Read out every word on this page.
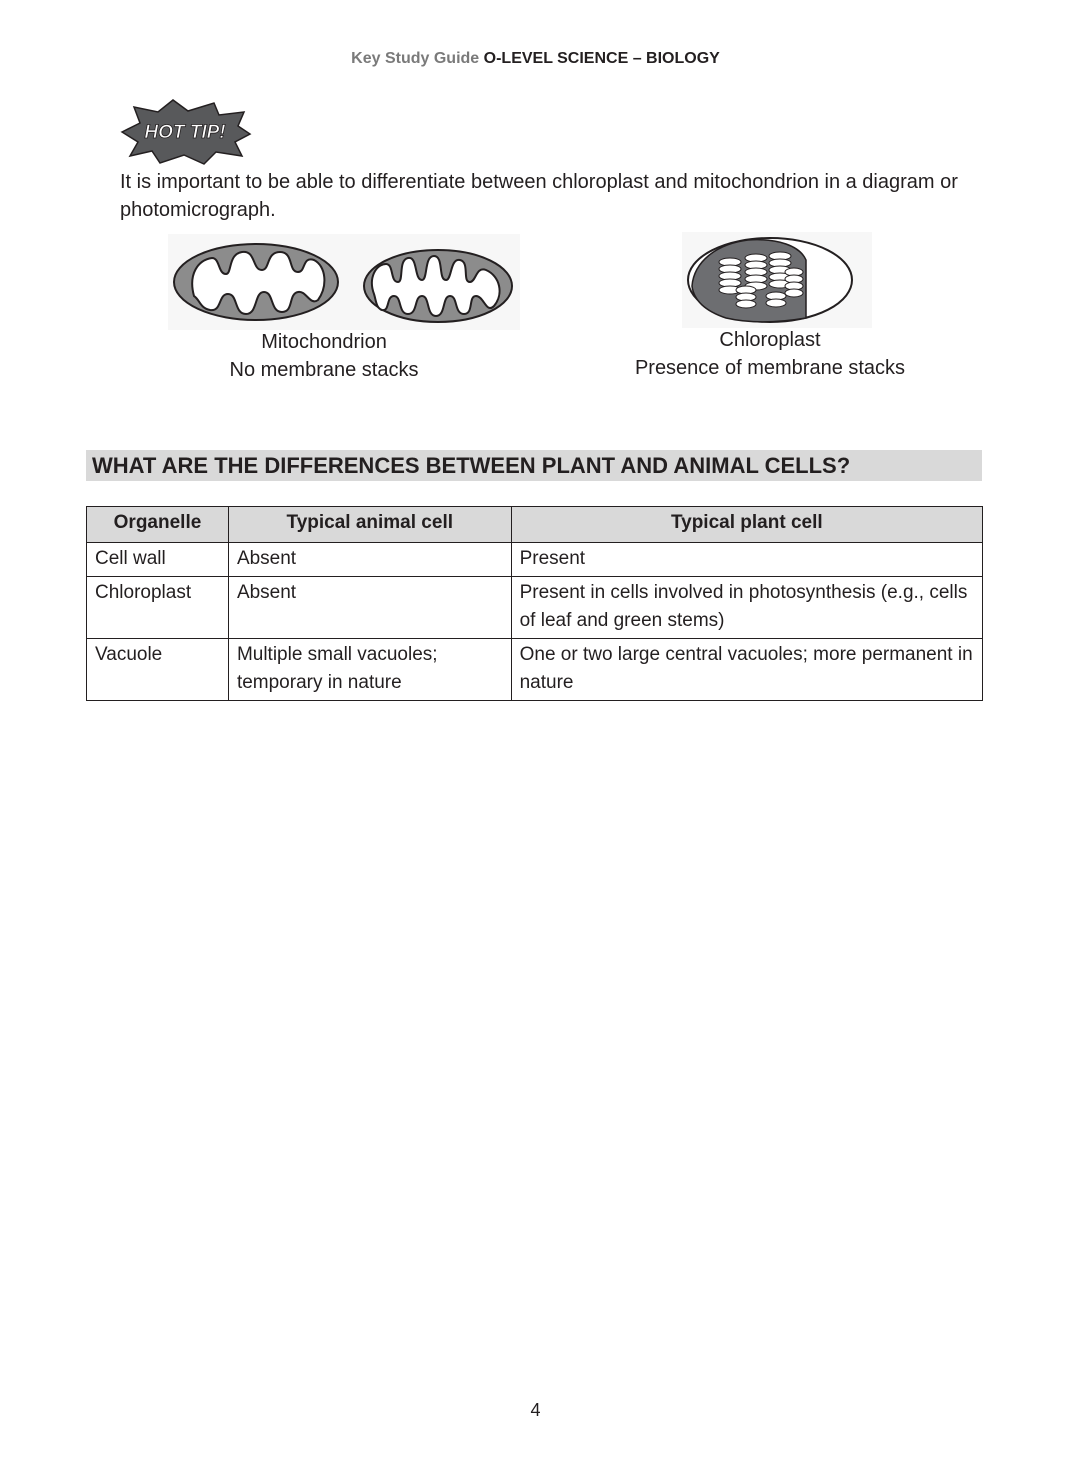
Key Study Guide O-LEVEL SCIENCE – BIOLOGY
HOT TIP!
It is important to be able to differentiate between chloroplast and mitochondrion in a diagram or photomicrograph.
Mitochondrion
No membrane stacks
Chloroplast
Presence of membrane stacks
WHAT ARE THE DIFFERENCES BETWEEN PLANT AND ANIMAL CELLS?
Organelle	Typical animal cell	Typical plant cell
Cell wall	Absent	Present
Chloroplast	Absent	Present in cells involved in photosynthesis (e.g., cells of leaf and green stems)
Vacuole	Multiple small vacuoles; temporary in nature	One or two large central vacuoles; more permanent in nature
4
